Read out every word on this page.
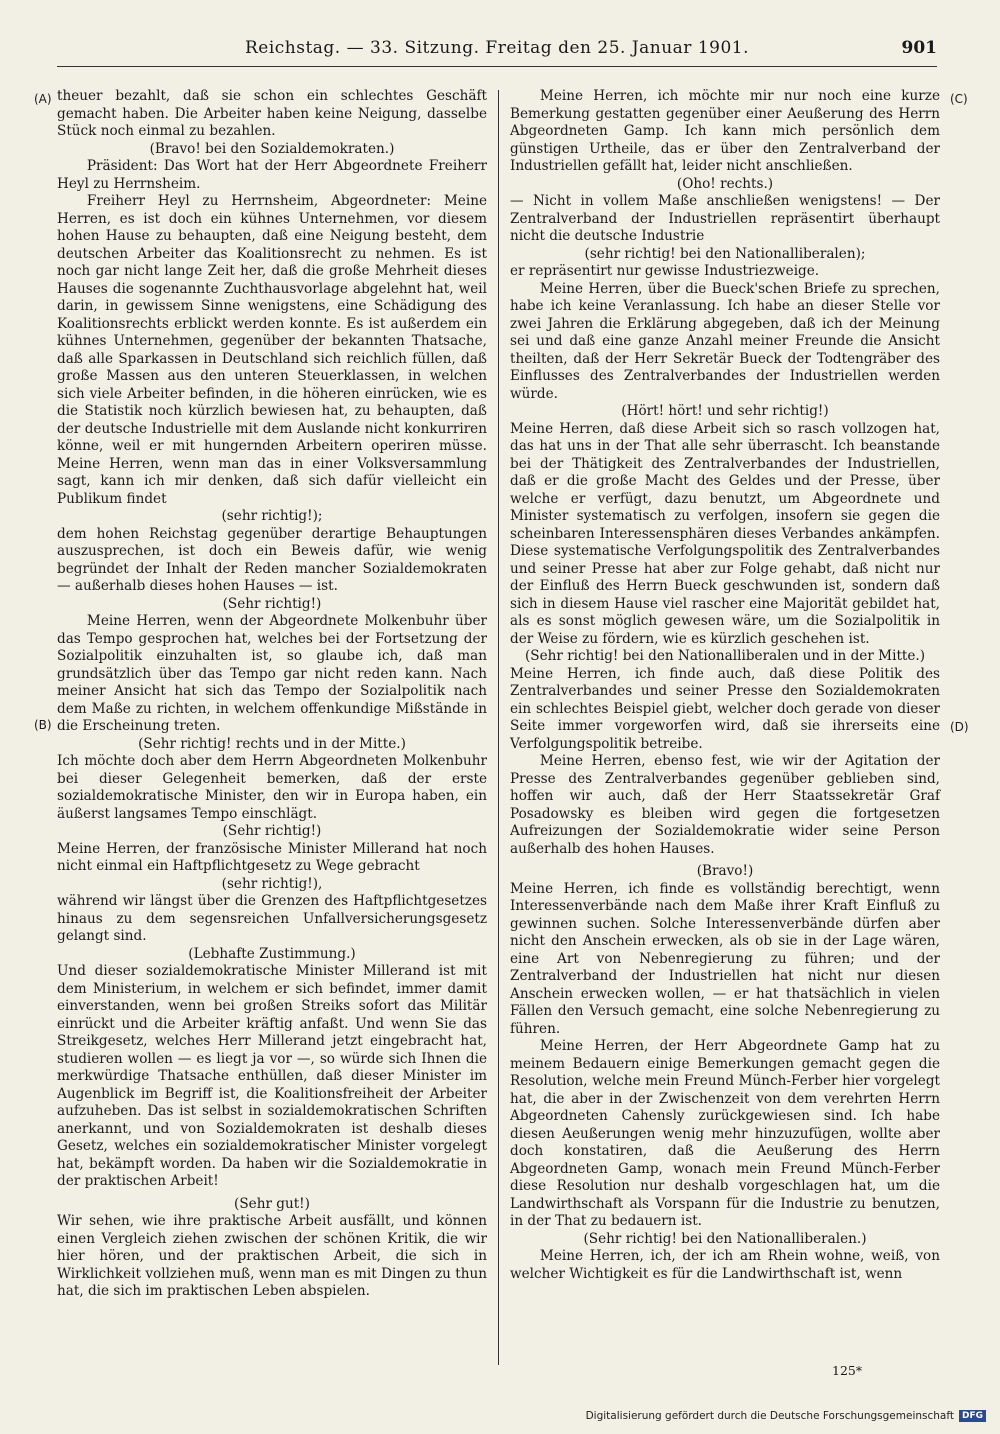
Reichstag. — 33. Sitzung. Freitag den 25. Januar 1901.	901
(A)
(B)
(C)
(D)

theuer bezahlt, daß sie schon ein schlechtes Geschäft gemacht haben. Die Arbeiter haben keine Neigung, dasselbe Stück noch einmal zu bezahlen.

(Bravo! bei den Sozialdemokraten.)

Präsident: Das Wort hat der Herr Abgeordnete Freiherr Heyl zu Herrnsheim.

Freiherr Heyl zu Herrnsheim, Abgeordneter: Meine Herren, es ist doch ein kühnes Unternehmen, vor diesem hohen Hause zu behaupten, daß eine Neigung besteht, dem deutschen Arbeiter das Koalitionsrecht zu nehmen. Es ist noch gar nicht lange Zeit her, daß die große Mehrheit dieses Hauses die sogenannte Zuchthausvorlage abgelehnt hat, weil darin, in gewissem Sinne wenigstens, eine Schädigung des Koalitionsrechts erblickt werden konnte. Es ist außerdem ein kühnes Unternehmen, gegenüber der bekannten Thatsache, daß alle Sparkassen in Deutschland sich reichlich füllen, daß große Massen aus den unteren Steuerklassen, in welchen sich viele Arbeiter befinden, in die höheren einrücken, wie es die Statistik noch kürzlich bewiesen hat, zu behaupten, daß der deutsche Industrielle mit dem Auslande nicht konkurriren könne, weil er mit hungernden Arbeitern operiren müsse. Meine Herren, wenn man das in einer Volksversammlung sagt, kann ich mir denken, daß sich dafür vielleicht ein Publikum findet

(sehr richtig!);

dem hohen Reichstag gegenüber derartige Behauptungen auszusprechen, ist doch ein Beweis dafür, wie wenig begründet der Inhalt der Reden mancher Sozialdemokraten — außerhalb dieses hohen Hauses — ist.

(Sehr richtig!)

Meine Herren, wenn der Abgeordnete Molkenbuhr über das Tempo gesprochen hat, welches bei der Fortsetzung der Sozialpolitik einzuhalten ist, so glaube ich, daß man grundsätzlich über das Tempo gar nicht reden kann. Nach meiner Ansicht hat sich das Tempo der Sozialpolitik nach dem Maße zu richten, in welchem offenkundige Mißstände in die Erscheinung treten.

(Sehr richtig! rechts und in der Mitte.)

Ich möchte doch aber dem Herrn Abgeordneten Molkenbuhr bei dieser Gelegenheit bemerken, daß der erste sozialdemokratische Minister, den wir in Europa haben, ein äußerst langsames Tempo einschlägt.

(Sehr richtig!)

Meine Herren, der französische Minister Millerand hat noch nicht einmal ein Haftpflichtgesetz zu Wege gebracht

(sehr richtig!),

während wir längst über die Grenzen des Haftpflichtgesetzes hinaus zu dem segensreichen Unfallversicherungsgesetz gelangt sind.

(Lebhafte Zustimmung.)

Und dieser sozialdemokratische Minister Millerand ist mit dem Ministerium, in welchem er sich befindet, immer damit einverstanden, wenn bei großen Streiks sofort das Militär einrückt und die Arbeiter kräftig anfaßt. Und wenn Sie das Streikgesetz, welches Herr Millerand jetzt eingebracht hat, studieren wollen — es liegt ja vor —, so würde sich Ihnen die merkwürdige Thatsache enthüllen, daß dieser Minister im Augenblick im Begriff ist, die Koalitionsfreiheit der Arbeiter aufzuheben. Das ist selbst in sozialdemokratischen Schriften anerkannt, und von Sozialdemokraten ist deshalb dieses Gesetz, welches ein sozialdemokratischer Minister vorgelegt hat, bekämpft worden. Da haben wir die Sozialdemokratie in der praktischen Arbeit!

(Sehr gut!)

Wir sehen, wie ihre praktische Arbeit ausfällt, und können einen Vergleich ziehen zwischen der schönen Kritik, die wir hier hören, und der praktischen Arbeit, die sich in Wirklichkeit vollziehen muß, wenn man es mit Dingen zu thun hat, die sich im praktischen Leben abspielen.

Meine Herren, ich möchte mir nur noch eine kurze Bemerkung gestatten gegenüber einer Aeußerung des Herrn Abgeordneten Gamp. Ich kann mich persönlich dem günstigen Urtheile, das er über den Zentralverband der Industriellen gefällt hat, leider nicht anschließen.

(Oho! rechts.)

— Nicht in vollem Maße anschließen wenigstens! — Der Zentralverband der Industriellen repräsentirt überhaupt nicht die deutsche Industrie

(sehr richtig! bei den Nationalliberalen);

er repräsentirt nur gewisse Industriezweige.

Meine Herren, über die Bueck'schen Briefe zu sprechen, habe ich keine Veranlassung. Ich habe an dieser Stelle vor zwei Jahren die Erklärung abgegeben, daß ich der Meinung sei und daß eine ganze Anzahl meiner Freunde die Ansicht theilten, daß der Herr Sekretär Bueck der Todtengräber des Einflusses des Zentralverbandes der Industriellen werden würde.

(Hört! hört! und sehr richtig!)

Meine Herren, daß diese Arbeit sich so rasch vollzogen hat, das hat uns in der That alle sehr überrascht. Ich beanstande bei der Thätigkeit des Zentralverbandes der Industriellen, daß er die große Macht des Geldes und der Presse, über welche er verfügt, dazu benutzt, um Abgeordnete und Minister systematisch zu verfolgen, insofern sie gegen die scheinbaren Interessensphären dieses Verbandes ankämpfen. Diese systematische Verfolgungspolitik des Zentralverbandes und seiner Presse hat aber zur Folge gehabt, daß nicht nur der Einfluß des Herrn Bueck geschwunden ist, sondern daß sich in diesem Hause viel rascher eine Majorität gebildet hat, als es sonst möglich gewesen wäre, um die Sozialpolitik in der Weise zu fördern, wie es kürzlich geschehen ist.

(Sehr richtig! bei den Nationalliberalen und in der Mitte.)

Meine Herren, ich finde auch, daß diese Politik des Zentralverbandes und seiner Presse den Sozialdemokraten ein schlechtes Beispiel giebt, welcher doch gerade von dieser Seite immer vorgeworfen wird, daß sie ihrerseits eine Verfolgungspolitik betreibe.

Meine Herren, ebenso fest, wie wir der Agitation der Presse des Zentralverbandes gegenüber geblieben sind, hoffen wir auch, daß der Herr Staatssekretär Graf Posadowsky es bleiben wird gegen die fortgesetzen Aufreizungen der Sozialdemokratie wider seine Person außerhalb des hohen Hauses.

(Bravo!)

Meine Herren, ich finde es vollständig berechtigt, wenn Interessenverbände nach dem Maße ihrer Kraft Einfluß zu gewinnen suchen. Solche Interessenverbände dürfen aber nicht den Anschein erwecken, als ob sie in der Lage wären, eine Art von Nebenregierung zu führen; und der Zentralverband der Industriellen hat nicht nur diesen Anschein erwecken wollen, — er hat thatsächlich in vielen Fällen den Versuch gemacht, eine solche Nebenregierung zu führen.

Meine Herren, der Herr Abgeordnete Gamp hat zu meinem Bedauern einige Bemerkungen gemacht gegen die Resolution, welche mein Freund Münch-Ferber hier vorgelegt hat, die aber in der Zwischenzeit von dem verehrten Herrn Abgeordneten Cahensly zurückgewiesen sind. Ich habe diesen Aeußerungen wenig mehr hinzuzufügen, wollte aber doch konstatiren, daß die Aeußerung des Herrn Abgeordneten Gamp, wonach mein Freund Münch-Ferber diese Resolution nur deshalb vorgeschlagen hat, um die Landwirthschaft als Vorspann für die Industrie zu benutzen, in der That zu bedauern ist.

(Sehr richtig! bei den Nationalliberalen.)

Meine Herren, ich, der ich am Rhein wohne, weiß, von welcher Wichtigkeit es für die Landwirthschaft ist, wenn

125*
Digitalisierung gefördert durch die Deutsche Forschungsgemeinschaft DFG
